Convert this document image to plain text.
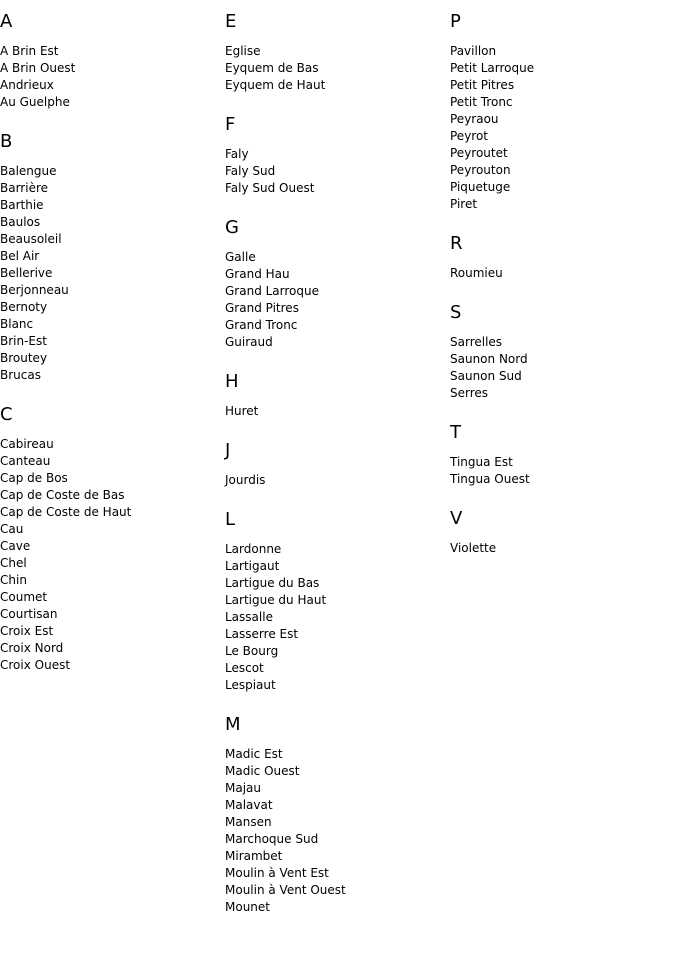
A
A Brin Est
A Brin Ouest
Andrieux
Au Guelphe
B
Balengue
Barrière
Barthie
Baulos
Beausoleil
Bel Air
Bellerive
Berjonneau
Bernoty
Blanc
Brin-Est
Broutey
Brucas
C
Cabireau
Canteau
Cap de Bos
Cap de Coste de Bas
Cap de Coste de Haut
Cau
Cave
Chel
Chin
Coumet
Courtisan
Croix Est
Croix Nord
Croix Ouest
E
Eglise
Eyquem de Bas
Eyquem de Haut
F
Faly
Faly Sud
Faly Sud Ouest
G
Galle
Grand Hau
Grand Larroque
Grand Pitres
Grand Tronc
Guiraud
H
Huret
J
Jourdis
L
Lardonne
Lartigaut
Lartigue du Bas
Lartigue du Haut
Lassalle
Lasserre Est
Le Bourg
Lescot
Lespiaut
M
Madic Est
Madic Ouest
Majau
Malavat
Mansen
Marchoque Sud
Mirambet
Moulin à Vent Est
Moulin à Vent Ouest
Mounet
P
Pavillon
Petit Larroque
Petit Pitres
Petit Tronc
Peyraou
Peyrot
Peyroutet
Peyrouton
Piquetuge
Piret
R
Roumieu
S
Sarrelles
Saunon Nord
Saunon Sud
Serres
T
Tingua Est
Tingua Ouest
V
Violette
